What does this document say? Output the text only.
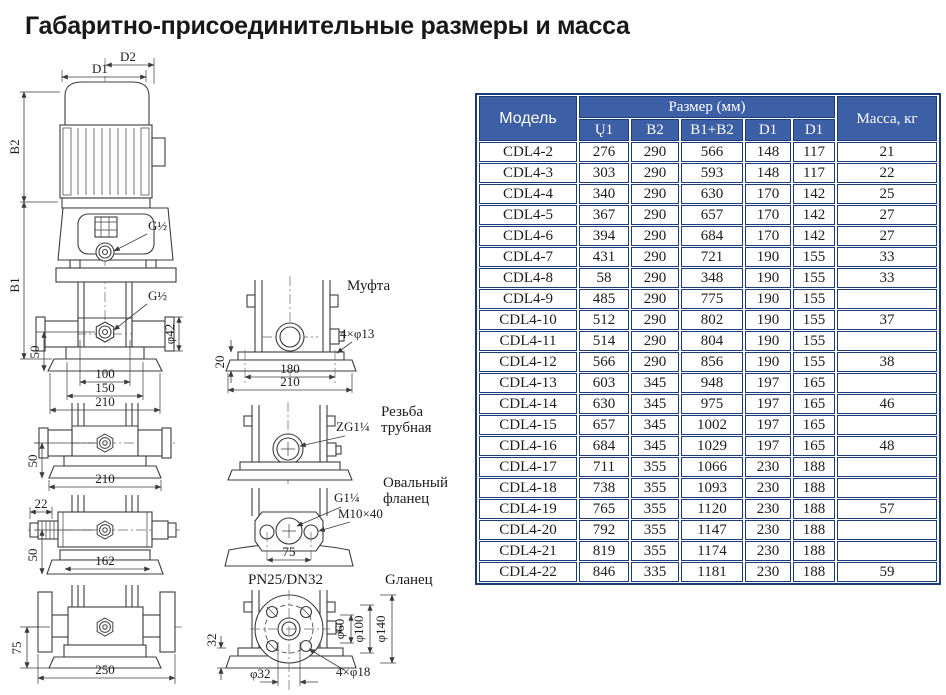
Габаритно-присоединительные размеры и масса
G½
G½
D1
D2
B2
B1
50
φ42
100
150
210
50
210
22
50	162
75
250
Муфта
4×φ13
20	180
210
Резьба
трубная
ZG1¼
Овальный
фланец
G1¼
M10×40
75
PN25/DN32	Gланец
φ60 φ100 φ140
4×φ18
φ32
32
Модель	Размер (мм)					Масса, кг
	Ų1	B2	B1+B2	D1	D1	
CDL4-2	276	290	566	148	117	21
CDL4-3	303	290	593	148	117	22
CDL4-4	340	290	630	170	142	25
CDL4-5	367	290	657	170	142	27
CDL4-6	394	290	684	170	142	27
CDL4-7	431	290	721	190	155	33
CDL4-8	58	290	348	190	155	33
CDL4-9	485	290	775	190	155	
CDL4-10	512	290	802	190	155	37
CDL4-11	514	290	804	190	155	
CDL4-12	566	290	856	190	155	38
CDL4-13	603	345	948	197	165	
CDL4-14	630	345	975	197	165	46
CDL4-15	657	345	1002	197	165	
CDL4-16	684	345	1029	197	165	48
CDL4-17	711	355	1066	230	188	
CDL4-18	738	355	1093	230	188	
CDL4-19	765	355	1120	230	188	57
CDL4-20	792	355	1147	230	188	
CDL4-21	819	355	1174	230	188	
CDL4-22	846	335	1181	230	188	59
